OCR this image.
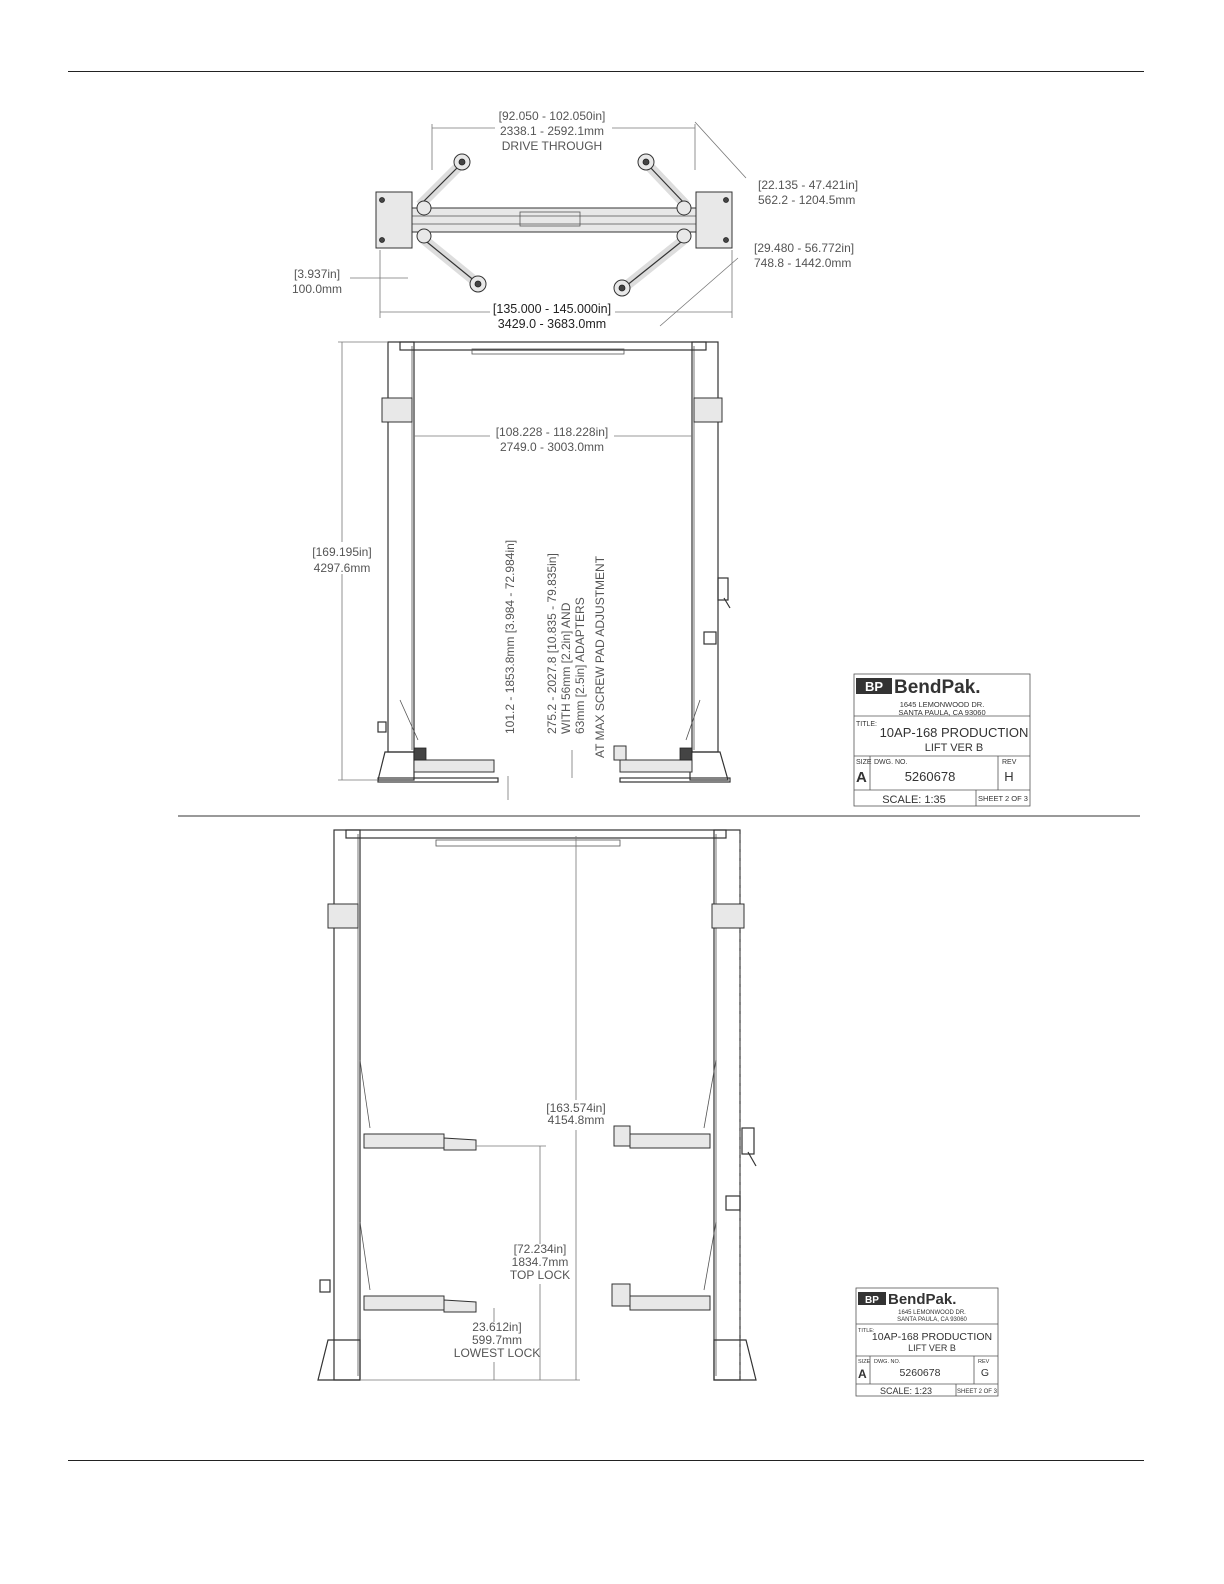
[92.050 - 102.050in]
2338.1 - 2592.1mm
DRIVE THROUGH
[22.135 - 47.421in]
562.2 - 1204.5mm
[29.480 - 56.772in]
748.8 - 1442.0mm
[3.937in]
100.0mm
[135.000 - 145.000in]
3429.0 - 3683.0mm
[108.228 - 118.228in]
2749.0 - 3003.0mm
[169.195in]
4297.6mm	101.2 - 1853.8mm [3.984 - 72.984in] 275.2 - 2027.8 [10.835 - 79.835in] WITH 56mm [2.2in] AND 63mm [2.5in] ADAPTERS AT MAX SCREW PAD ADJUSTMENT	BP BendPak.
1645 LEMONWOOD DR.
SANTA PAULA, CA 93060
TITLE:
10AP-168 PRODUCTION
LIFT VER B
SIZE
A
DWG. NO.
5260678
REV
H
SCALE: 1:35	SHEET 2 OF 3
[163.574in]
4154.8mm
[72.234in]
1834.7mm
TOP LOCK
23.612in]
599.7mm
LOWEST LOCK
BP BendPak.
1645 LEMONWOOD DR.
SANTA PAULA, CA 93060
TITLE:
10AP-168 PRODUCTION
LIFT VER B
SIZE
A
DWG. NO.
5260678
REV
G
SCALE: 1:23	SHEET 2 OF 3
